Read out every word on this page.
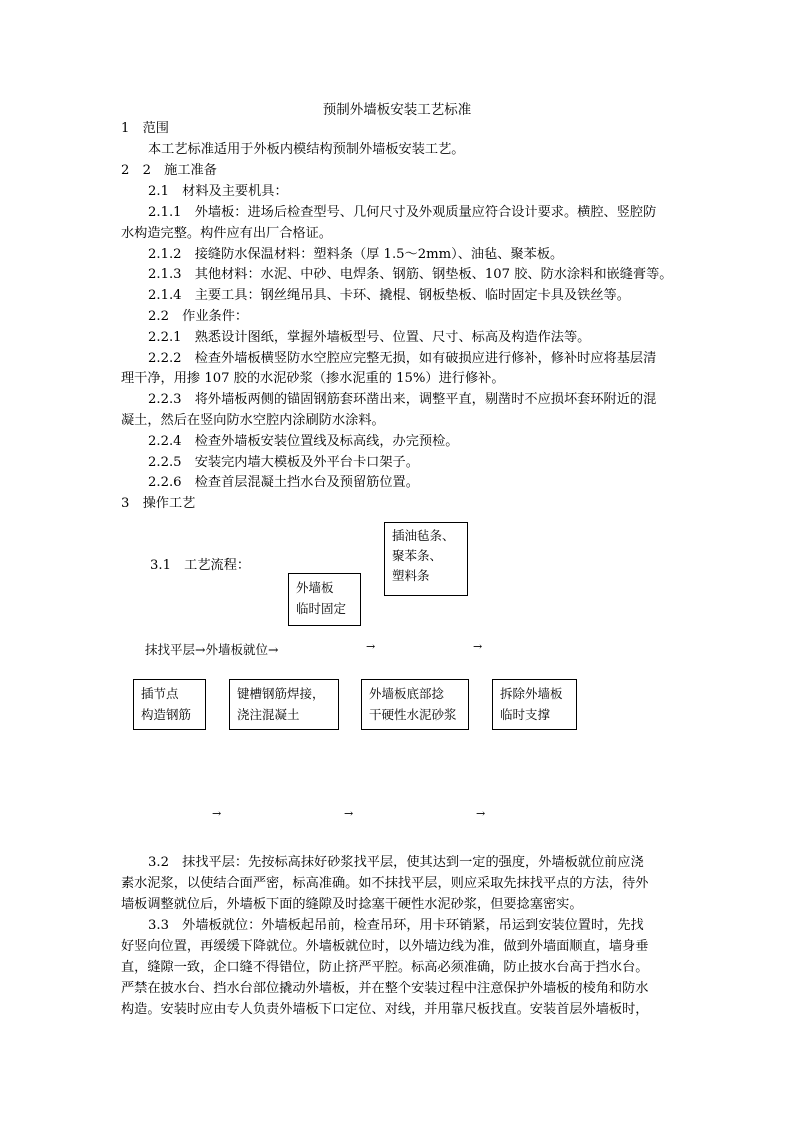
预制外墙板安装工艺标准
1　范围
本工艺标准适用于外板内模结构预制外墙板安装工艺。
2　2　施工准备
2.1　材料及主要机具：
2.1.1　外墙板：进场后检查型号、几何尺寸及外观质量应符合设计要求。横腔、竖腔防
水构造完整。构件应有出厂合格证。
2.1.2　接缝防水保温材料：塑料条（厚 1.5～2mm）、油毡、聚苯板。
2.1.3　其他材料：水泥、中砂、电焊条、钢筋、钢垫板、107 胶、防水涂料和嵌缝膏等。
2.1.4　主要工具：钢丝绳吊具、卡环、撬棍、钢板垫板、临时固定卡具及铁丝等。
2.2　作业条件：
2.2.1　熟悉设计图纸，掌握外墙板型号、位置、尺寸、标高及构造作法等。
2.2.2　检查外墙板横竖防水空腔应完整无损，如有破损应进行修补，修补时应将基层清
理干净，用掺 107 胶的水泥砂浆（掺水泥重的 15%）进行修补。
2.2.3　将外墙板两侧的锚固钢筋套环凿出来，调整平直，剔凿时不应损坏套环附近的混
凝土，然后在竖向防水空腔内涂刷防水涂料。
2.2.4　检查外墙板安装位置线及标高线，办完预检。
2.2.5　安装完内墙大模板及外平台卡口架子。
2.2.6　检查首层混凝土挡水台及预留筋位置。
3　操作工艺
3.1　工艺流程：
插油毡条、
聚苯条、
塑料条
外墙板
临时固定
抹找平层→外墙板就位→	→	→
插节点
构造钢筋
键槽钢筋焊接，
浇注混凝土
外墙板底部捻
干硬性水泥砂浆
拆除外墙板
临时支撑
→	→	→
3.2　抹找平层：先按标高抹好砂浆找平层，使其达到一定的强度，外墙板就位前应浇
素水泥浆，以使结合面严密，标高准确。如不抹找平层，则应采取先抹找平点的方法，待外
墙板调整就位后，外墙板下面的缝隙及时捻塞干硬性水泥砂浆，但要捻塞密实。
3.3　外墙板就位：外墙板起吊前，检查吊环，用卡环销紧，吊运到安装位置时，先找
好竖向位置，再缓缓下降就位。外墙板就位时，以外墙边线为准，做到外墙面顺直，墙身垂
直，缝隙一致，企口缝不得错位，防止挤严平腔。标高必须准确，防止披水台高于挡水台。
严禁在披水台、挡水台部位撬动外墙板，并在整个安装过程中注意保护外墙板的棱角和防水
构造。安装时应由专人负责外墙板下口定位、对线，并用靠尺板找直。安装首层外墙板时，
